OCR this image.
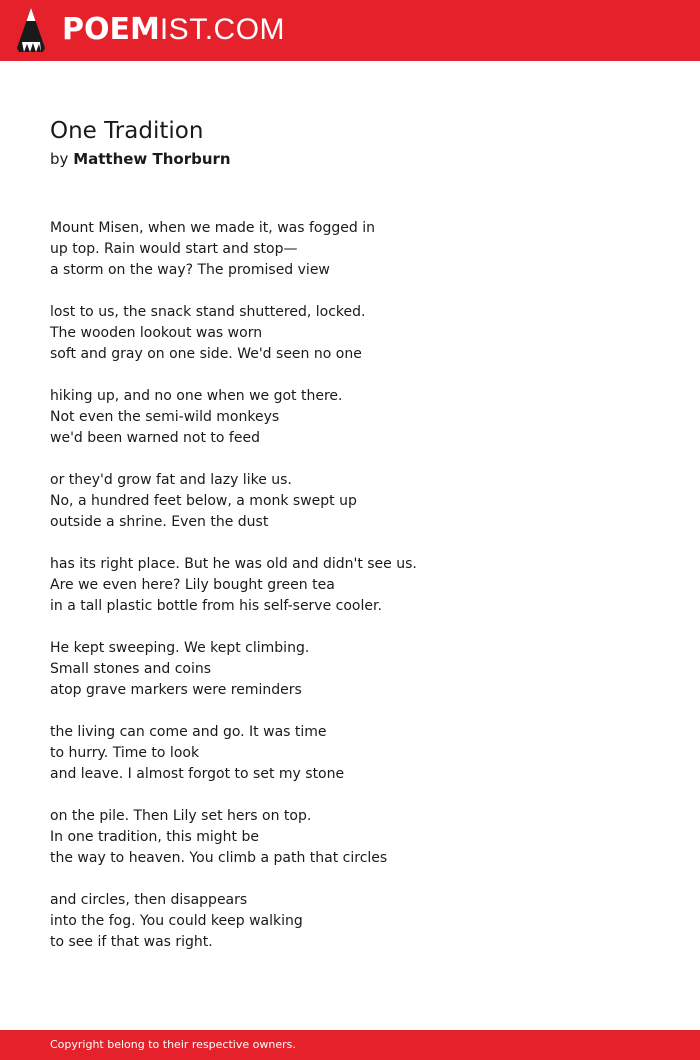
POEMIST.COM
One Tradition
by Matthew Thorburn
Mount Misen, when we made it, was fogged in
up top. Rain would start and stop—
a storm on the way? The promised view
lost to us, the snack stand shuttered, locked.
The wooden lookout was worn
soft and gray on one side. We'd seen no one
hiking up, and no one when we got there.
Not even the semi-wild monkeys
we'd been warned not to feed
or they'd grow fat and lazy like us.
No, a hundred feet below, a monk swept up
outside a shrine. Even the dust
has its right place. But he was old and didn't see us.
Are we even here? Lily bought green tea
in a tall plastic bottle from his self-serve cooler.
He kept sweeping. We kept climbing.
Small stones and coins
atop grave markers were reminders
the living can come and go. It was time
to hurry. Time to look
and leave. I almost forgot to set my stone
on the pile. Then Lily set hers on top.
In one tradition, this might be
the way to heaven. You climb a path that circles
and circles, then disappears
into the fog. You could keep walking
to see if that was right.
Copyright belong to their respective owners.
